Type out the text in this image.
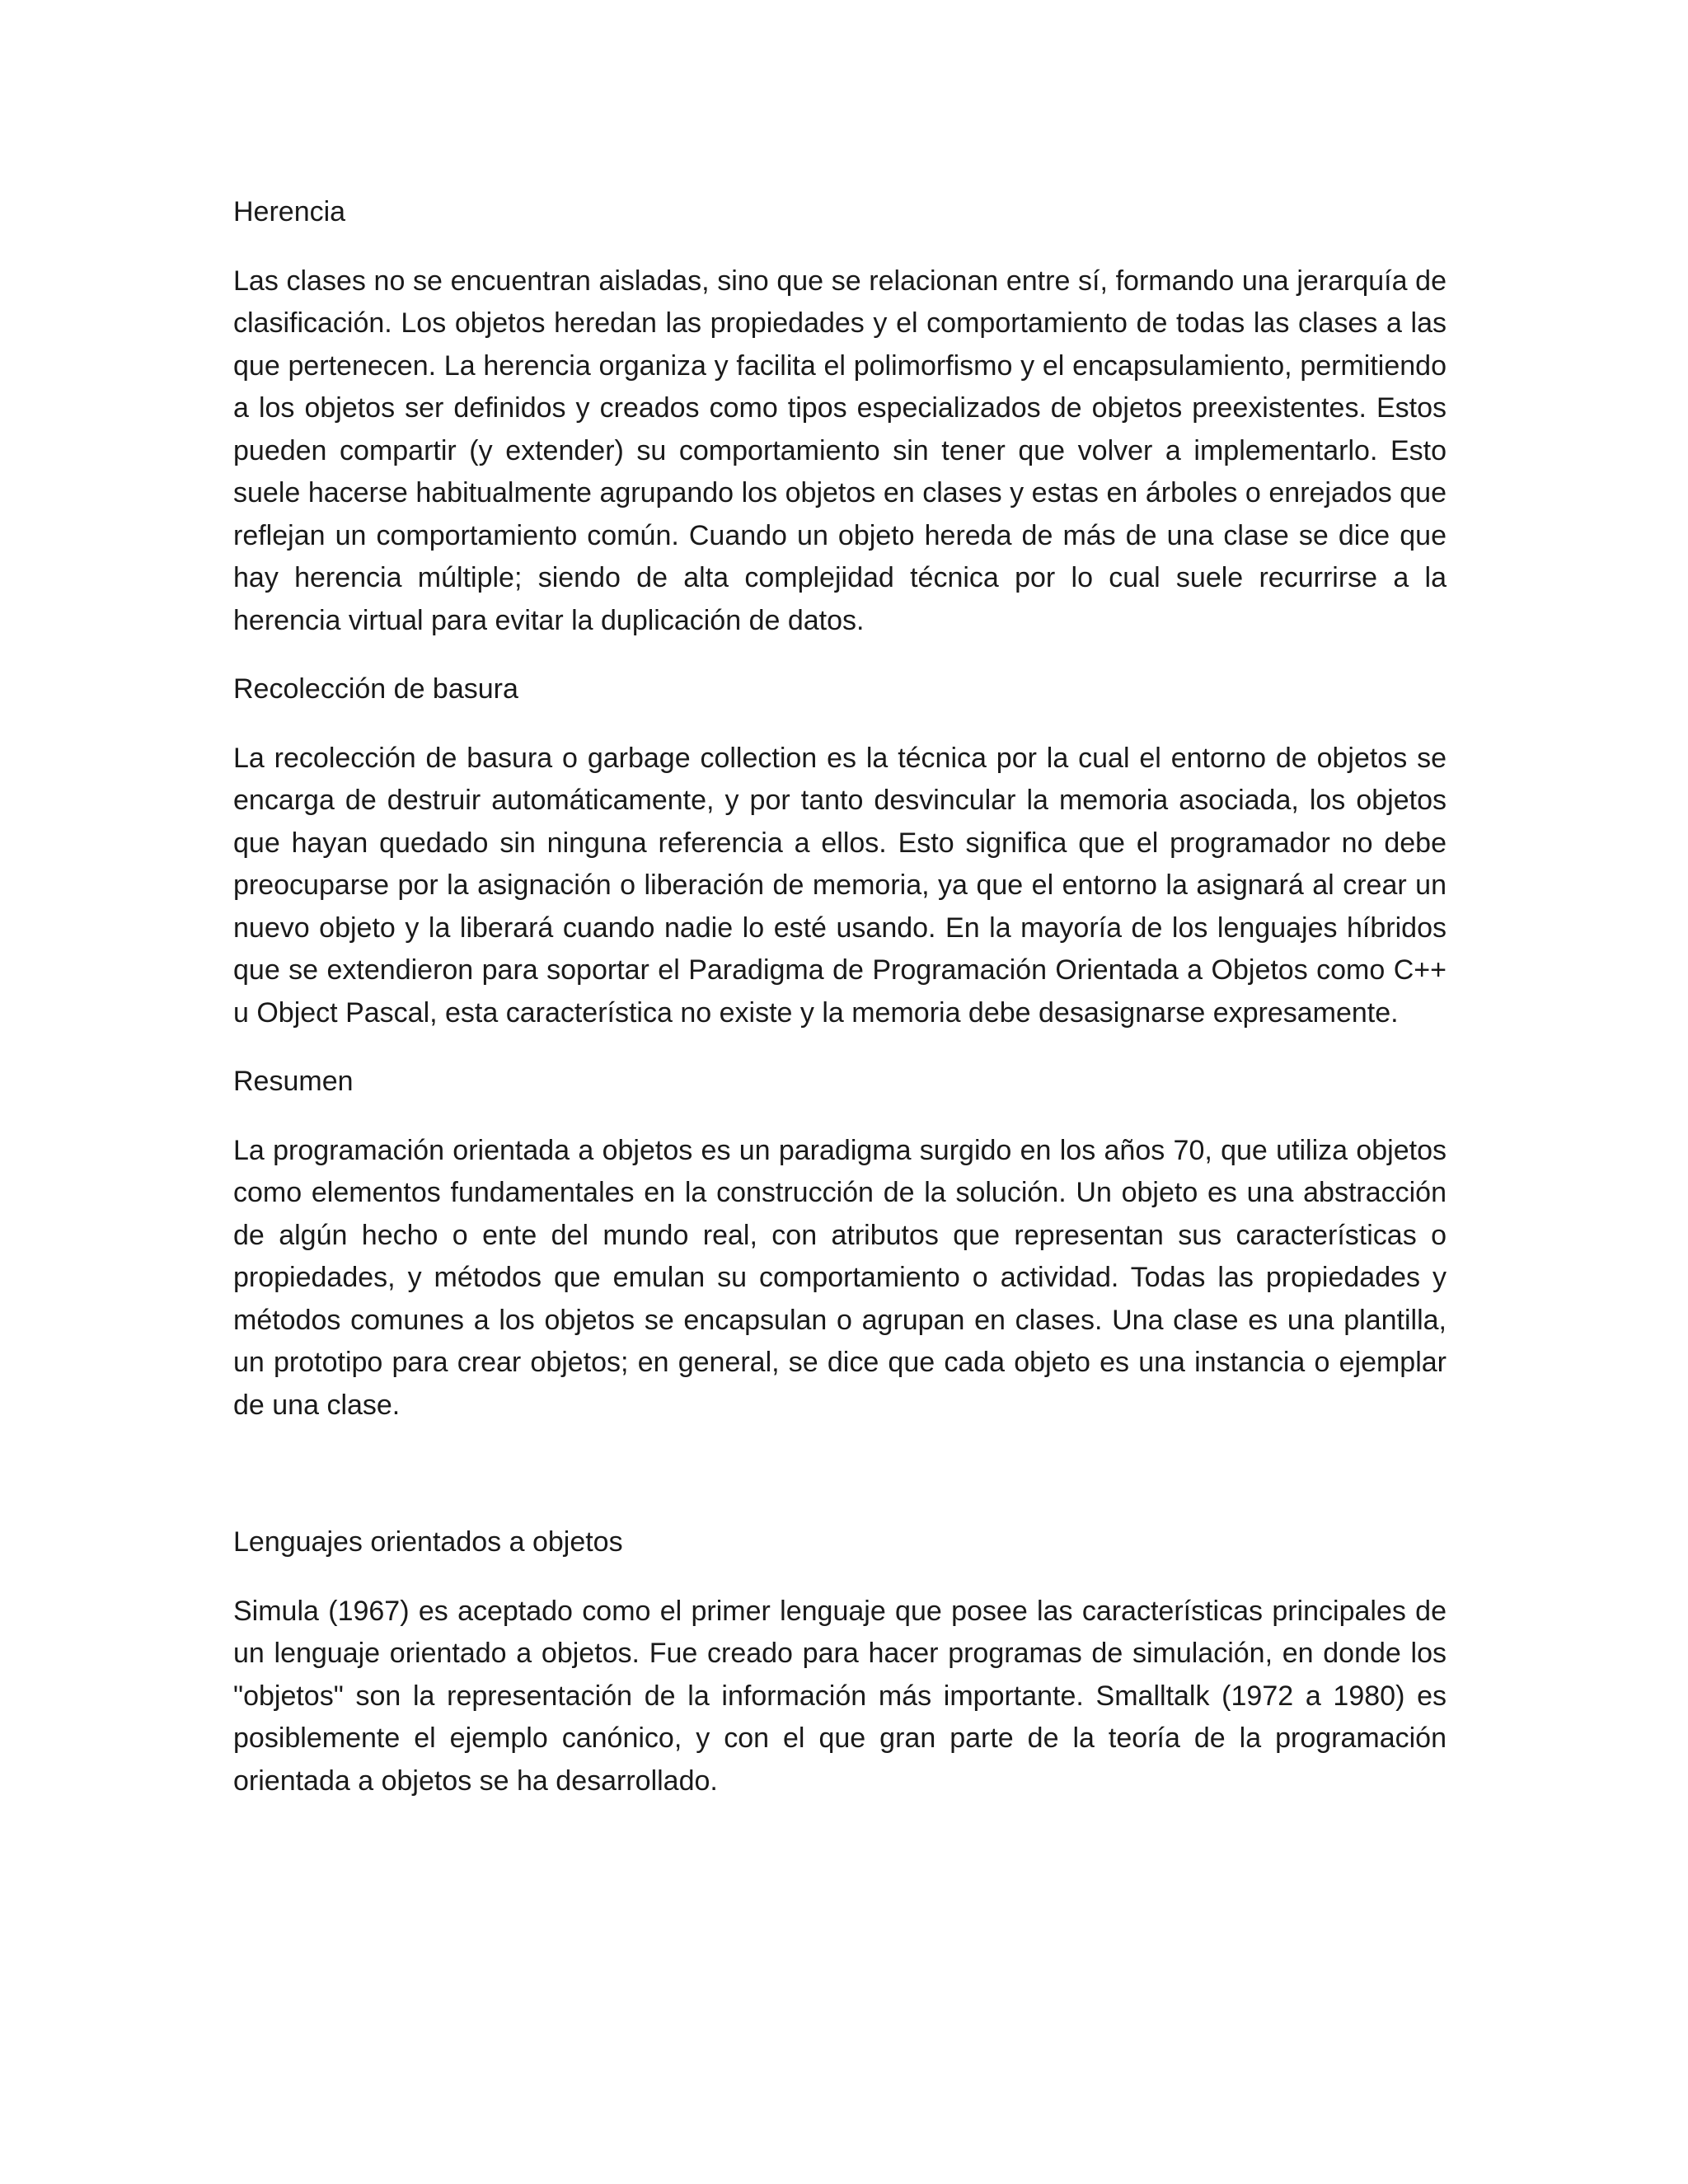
Herencia

Las clases no se encuentran aisladas, sino que se relacionan entre sí, formando una jerarquía de clasificación. Los objetos heredan las propiedades y el comportamiento de todas las clases a las que pertenecen. La herencia organiza y facilita el polimorfismo y el encapsulamiento, permitiendo a los objetos ser definidos y creados como tipos especializados de objetos preexistentes. Estos pueden compartir (y extender) su comportamiento sin tener que volver a implementarlo. Esto suele hacerse habitualmente agrupando los objetos en clases y estas en árboles o enrejados que reflejan un comportamiento común. Cuando un objeto hereda de más de una clase se dice que hay herencia múltiple; siendo de alta complejidad técnica por lo cual suele recurrirse a la herencia virtual para evitar la duplicación de datos.

Recolección de basura

La recolección de basura o garbage collection es la técnica por la cual el entorno de objetos se encarga de destruir automáticamente, y por tanto desvincular la memoria asociada, los objetos que hayan quedado sin ninguna referencia a ellos. Esto significa que el programador no debe preocuparse por la asignación o liberación de memoria, ya que el entorno la asignará al crear un nuevo objeto y la liberará cuando nadie lo esté usando. En la mayoría de los lenguajes híbridos que se extendieron para soportar el Paradigma de Programación Orientada a Objetos como C++ u Object Pascal, esta característica no existe y la memoria debe desasignarse expresamente.

Resumen

La programación orientada a objetos es un paradigma surgido en los años 70, que utiliza objetos como elementos fundamentales en la construcción de la solución. Un objeto es una abstracción de algún hecho o ente del mundo real, con atributos que representan sus características o propiedades, y métodos que emulan su comportamiento o actividad. Todas las propiedades y métodos comunes a los objetos se encapsulan o agrupan en clases. Una clase es una plantilla, un prototipo para crear objetos; en general, se dice que cada objeto es una instancia o ejemplar de una clase.

Lenguajes orientados a objetos

Simula (1967) es aceptado como el primer lenguaje que posee las características principales de un lenguaje orientado a objetos. Fue creado para hacer programas de simulación, en donde los "objetos" son la representación de la información más importante. Smalltalk (1972 a 1980) es posiblemente el ejemplo canónico, y con el que gran parte de la teoría de la programación orientada a objetos se ha desarrollado.
